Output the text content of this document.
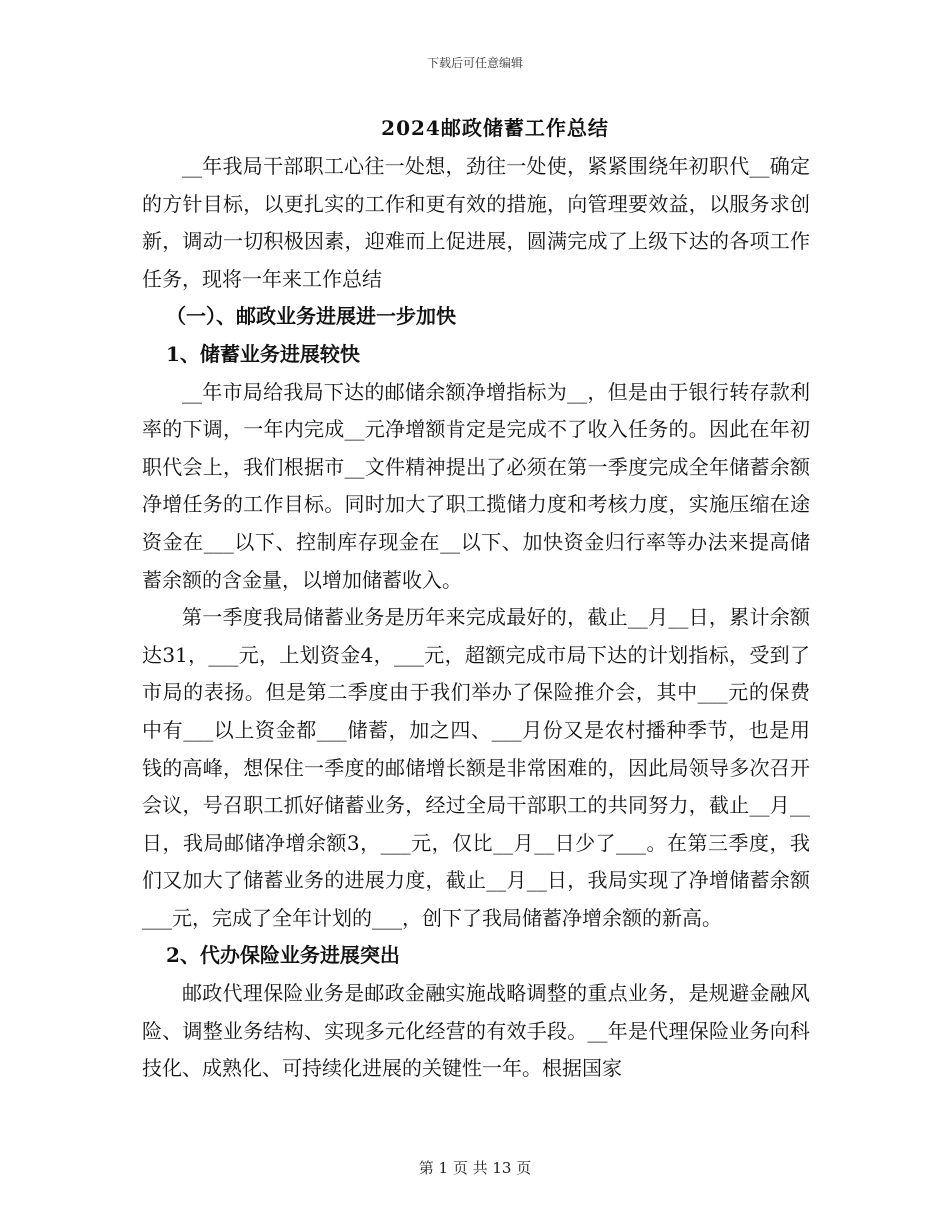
下载后可任意编辑
2024邮政储蓄工作总结

__年我局干部职工心往一处想，劲往一处使，紧紧围绕年初职代__确定的方针目标，以更扎实的工作和更有效的措施，向管理要效益，以服务求创新，调动一切积极因素，迎难而上促进展，圆满完成了上级下达的各项工作任务，现将一年来工作总结

（一）、邮政业务进展进一步加快
1、储蓄业务进展较快

__年市局给我局下达的邮储余额净增指标为__，但是由于银行转存款利率的下调，一年内完成__元净增额肯定是完成不了收入任务的。因此在年初职代会上，我们根据市__文件精神提出了必须在第一季度完成全年储蓄余额净增任务的工作目标。同时加大了职工揽储力度和考核力度，实施压缩在途资金在___以下、控制库存现金在__以下、加快资金归行率等办法来提高储蓄余额的含金量，以增加储蓄收入。

第一季度我局储蓄业务是历年来完成最好的，截止__月__日，累计余额达31，___元，上划资金4，___元，超额完成市局下达的计划指标，受到了市局的表扬。但是第二季度由于我们举办了保险推介会，其中___元的保费中有___以上资金都___储蓄，加之四、___月份又是农村播种季节，也是用钱的高峰，想保住一季度的邮储增长额是非常困难的，因此局领导多次召开会议，号召职工抓好储蓄业务，经过全局干部职工的共同努力，截止__月__日，我局邮储净增余额3，___元，仅比__月__日少了___。在第三季度，我们又加大了储蓄业务的进展力度，截止__月__日，我局实现了净增储蓄余额___元，完成了全年计划的___，创下了我局储蓄净增余额的新高。

2、代办保险业务进展突出

邮政代理保险业务是邮政金融实施战略调整的重点业务，是规避金融风险、调整业务结构、实现多元化经营的有效手段。__年是代理保险业务向科技化、成熟化、可持续化进展的关键性一年。根据国家

第 1 页 共 13 页
